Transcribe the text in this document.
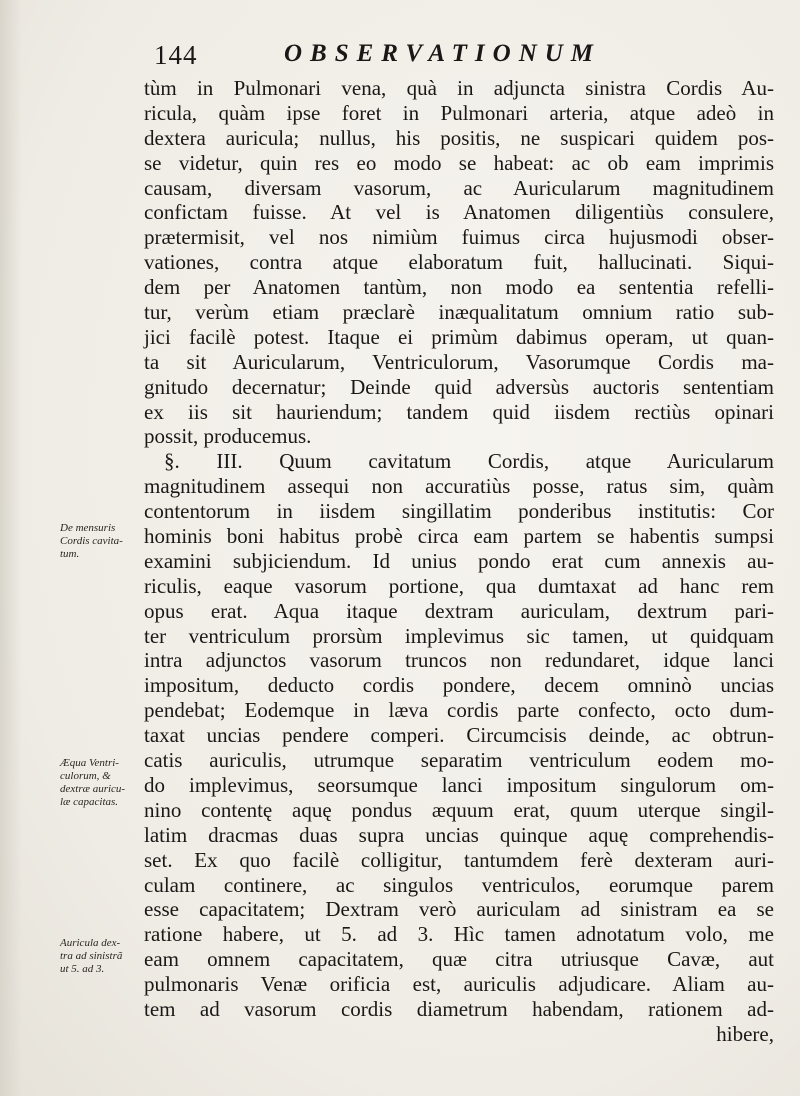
144	OBSERVATIONUM
tùm in Pulmonari vena, quà in adjuncta sinistra Cordis Au-
ricula, quàm ipse foret in Pulmonari arteria, atque adeò in
dextera auricula; nullus, his positis, ne suspicari quidem pos-
se videtur, quin res eo modo se habeat: ac ob eam imprimis
causam, diversam vasorum, ac Auricularum magnitudinem
confictam fuisse. At vel is Anatomen diligentiùs consulere,
prætermisit, vel nos nimiùm fuimus circa hujusmodi obser-
vationes, contra atque elaboratum fuit, hallucinati. Siqui-
dem per Anatomen tantùm, non modo ea sententia refelli-
tur, verùm etiam præclarè inæqualitatum omnium ratio sub-
jici facilè potest. Itaque ei primùm dabimus operam, ut quan-
ta sit Auricularum, Ventriculorum, Vasorumque Cordis ma-
gnitudo decernatur; Deinde quid adversùs auctoris sententiam
ex iis sit hauriendum; tandem quid iisdem rectiùs opinari
possit, producemus.
§. III. Quum cavitatum Cordis, atque Auricularum
magnitudinem assequi non accuratiùs posse, ratus sim, quàm
contentorum in iisdem singillatim ponderibus institutis: Cor
hominis boni habitus probè circa eam partem se habentis sumpsi
examini subjiciendum. Id unius pondo erat cum annexis au-
riculis, eaque vasorum portione, qua dumtaxat ad hanc rem
opus erat. Aqua itaque dextram auriculam, dextrum pari-
ter ventriculum prorsùm implevimus sic tamen, ut quidquam
intra adjunctos vasorum truncos non redundaret, idque lanci
impositum, deducto cordis pondere, decem omninò uncias
pendebat; Eodemque in læva cordis parte confecto, octo dum-
taxat uncias pendere comperi. Circumcisis deinde, ac obtrun-
catis auriculis, utrumque separatim ventriculum eodem mo-
do implevimus, seorsumque lanci impositum singulorum om-
nino contentę aquę pondus æquum erat, quum uterque singil-
latim dracmas duas supra uncias quinque aquę comprehendis-
set. Ex quo facilè colligitur, tantumdem ferè dexteram auri-
culam continere, ac singulos ventriculos, eorumque parem
esse capacitatem; Dextram verò auriculam ad sinistram ea se
ratione habere, ut 5. ad 3. Hìc tamen adnotatum volo, me
eam omnem capacitatem, quæ citra utriusque Cavæ, aut
pulmonaris Venæ orificia est, auriculis adjudicare. Aliam au-
tem ad vasorum cordis diametrum habendam, rationem ad-
hibere,
De mensuris
Cordis cavita-
tum.
Æqua Ventri-
culorum, &
dextræ auricu-
læ capacitas.
Auricula dex-
tra ad sinistrã
ut 5. ad 3.
